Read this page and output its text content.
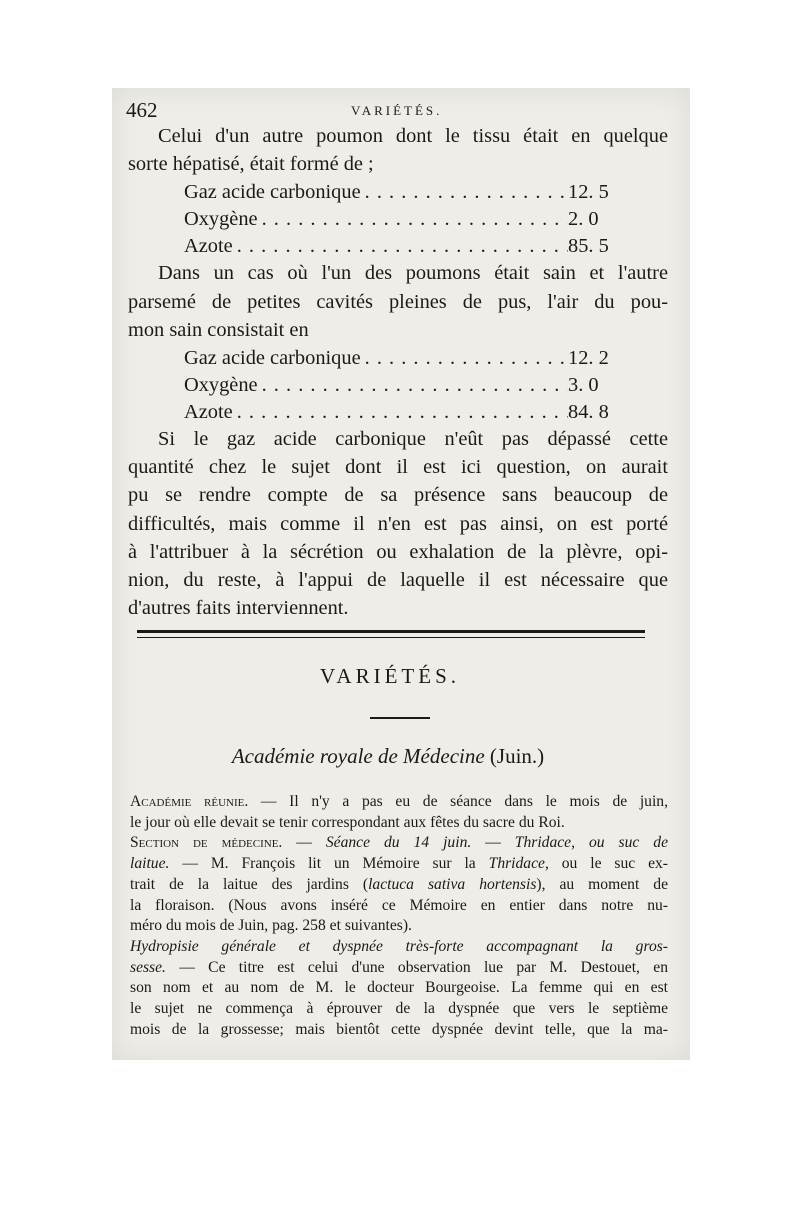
462	VARIÉTÉS.

Celui d'un autre poumon dont le tissu était en quelque

sorte hépatisé, était formé de ;

Gaz acide carbonique . . .	12. 5
Oxygène . . .	2. 0
Azote . . .	85. 5

Dans un cas où l'un des poumons était sain et l'autre

parsemé de petites cavités pleines de pus, l'air du pou-

mon sain consistait en

Gaz acide carbonique . . .	12. 2
Oxygène . . .	3. 0
Azote . . .	84. 8

Si le gaz acide carbonique n'eût pas dépassé cette

quantité chez le sujet dont il est ici question, on aurait

pu se rendre compte de sa présence sans beaucoup de

difficultés, mais comme il n'en est pas ainsi, on est porté

à l'attribuer à la sécrétion ou exhalation de la plèvre, opi-

nion, du reste, à l'appui de laquelle il est nécessaire que

d'autres faits interviennent.

VARIÉTÉS.
Académie royale de Médecine (Juin.)

Académie réunie. — Il n'y a pas eu de séance dans le mois de juin,

le jour où elle devait se tenir correspondant aux fêtes du sacre du Roi.

Section de médecine. — Séance du 14 juin. — Thridace, ou suc de

laitue. — M. François lit un Mémoire sur la Thridace, ou le suc ex-

trait de la laitue des jardins (lactuca sativa hortensis), au moment de

la floraison. (Nous avons inséré ce Mémoire en entier dans notre nu-

méro du mois de Juin, pag. 258 et suivantes).

Hydropisie générale et dyspnée très-forte accompagnant la gros-

sesse. — Ce titre est celui d'une observation lue par M. Destouet, en

son nom et au nom de M. le docteur Bourgeoise. La femme qui en est

le sujet ne commença à éprouver de la dyspnée que vers le septième

mois de la grossesse; mais bientôt cette dyspnée devint telle, que la ma-
